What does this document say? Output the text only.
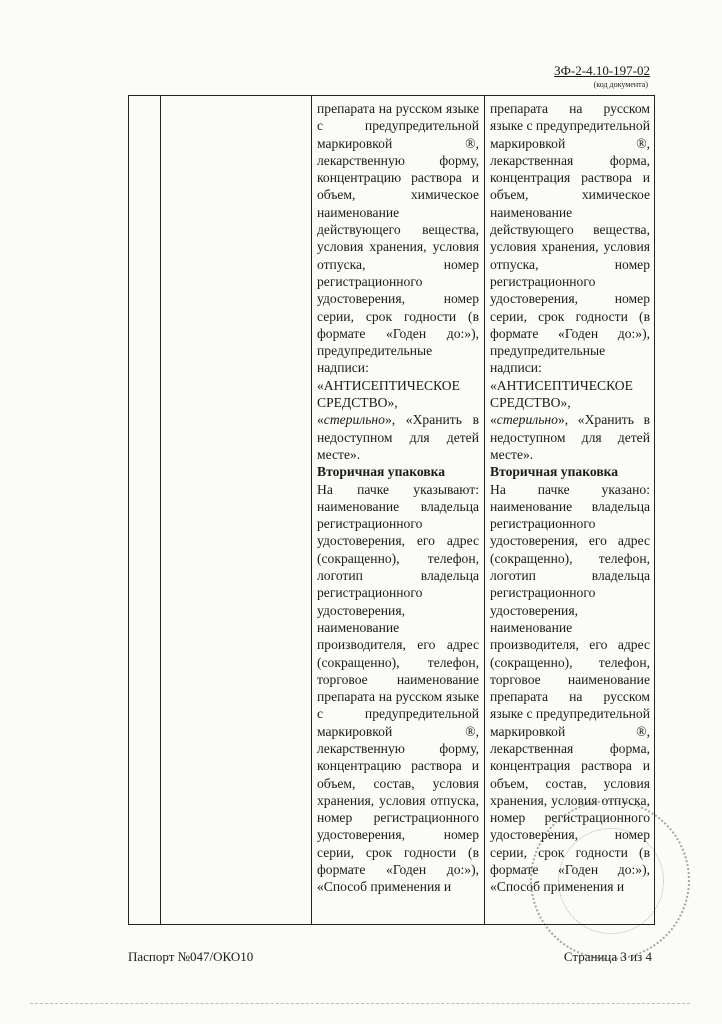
ЗФ-2-4.10-197-02
(код документа)

препарата на русском языке с предупредительной маркировкой ®, лекарственную форму, концентрацию раствора и объем, химическое наименование действующего вещества, условия хранения, условия отпуска, номер регистрационного удостоверения, номер серии, срок годности (в формате «Годен до:»), предупредительные надписи:

«АНТИСЕПТИЧЕСКОЕ СРЕДСТВО»,

«стерильно», «Хранить в недоступном для детей месте».

Вторичная упаковка

На пачке указывают: наименование владельца регистрационного удостоверения, его адрес (сокращенно), телефон, логотип владельца регистрационного удостоверения, наименование производителя, его адрес (сокращенно), телефон, торговое наименование препарата на русском языке с предупредительной маркировкой ®, лекарственную форму, концентрацию раствора и объем, состав, условия хранения, условия отпуска, номер регистрационного удостоверения, номер серии, срок годности (в формате «Годен до:»), «Способ применения и

препарата на русском языке с предупредительной маркировкой ®, лекарственная форма, концентрация раствора и объем, химическое наименование действующего вещества, условия хранения, условия отпуска, номер регистрационного удостоверения, номер серии, срок годности (в формате «Годен до:»), предупредительные надписи:

«АНТИСЕПТИЧЕСКОЕ СРЕДСТВО»,

«стерильно», «Хранить в недоступном для детей месте».

Вторичная упаковка

На пачке указано: наименование владельца регистрационного удостоверения, его адрес (сокращенно), телефон, логотип владельца регистрационного удостоверения, наименование производителя, его адрес (сокращенно), телефон, торговое наименование препарата на русском языке с предупредительной маркировкой ®, лекарственная форма, концентрация раствора и объем, состав, условия хранения, условия отпуска, номер регистрационного удостоверения, номер серии, срок годности (в формате «Годен до:»), «Способ применения и

Паспорт №047/ОКО10	Страница 3 из 4
